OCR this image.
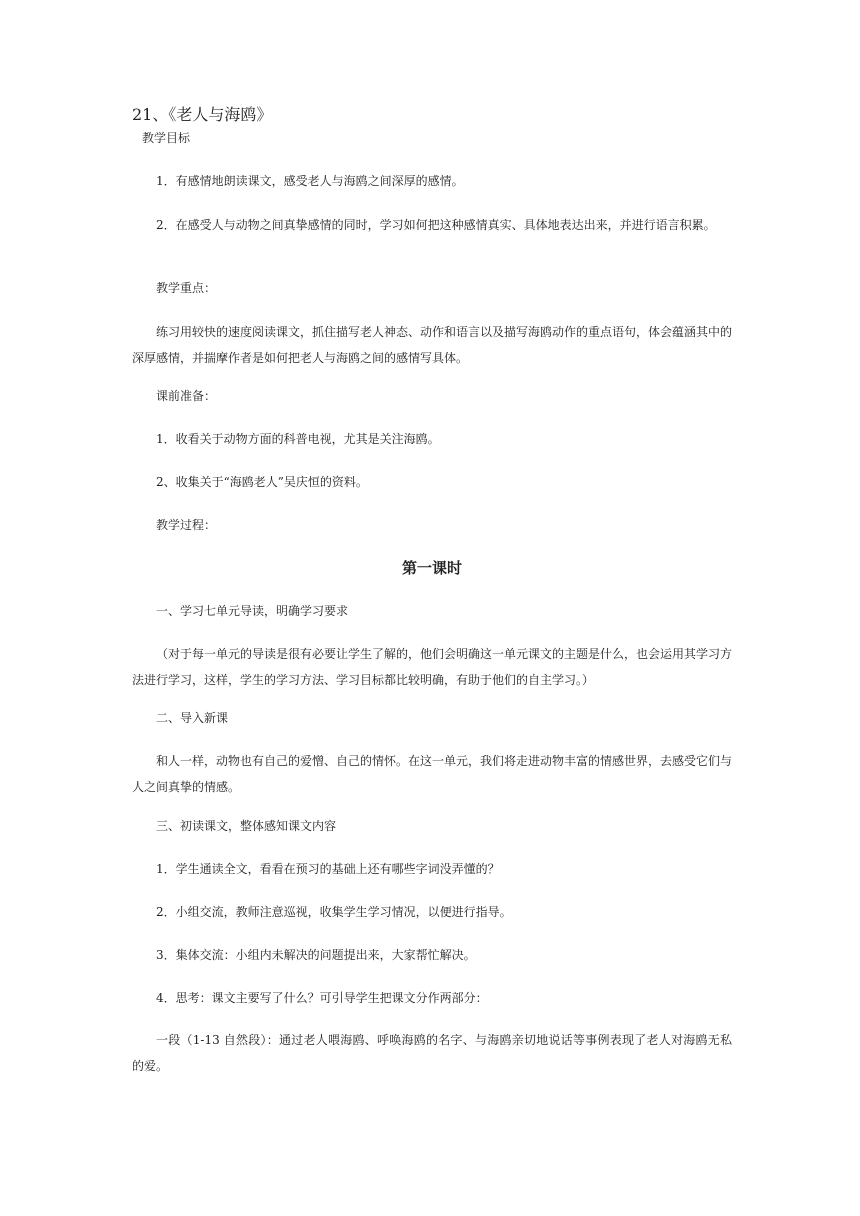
21、《老人与海鸥》
教学目标
1．有感情地朗读课文，感受老人与海鸥之间深厚的感情。
2．在感受人与动物之间真挚感情的同时，学习如何把这种感情真实、具体地表达出来，并进行语言积累。
教学重点：
练习用较快的速度阅读课文，抓住描写老人神态、动作和语言以及描写海鸥动作的重点语句，体会蕴涵其中的深厚感情，并揣摩作者是如何把老人与海鸥之间的感情写具体。
课前准备：
1．收看关于动物方面的科普电视，尤其是关注海鸥。
2、收集关于“海鸥老人”吴庆恒的资料。
教学过程：
第一课时
一、学习七单元导读，明确学习要求
（对于每一单元的导读是很有必要让学生了解的，他们会明确这一单元课文的主题是什么，也会运用其学习方法进行学习，这样，学生的学习方法、学习目标都比较明确，有助于他们的自主学习。）
二、导入新课
和人一样，动物也有自己的爱憎、自己的情怀。在这一单元，我们将走进动物丰富的情感世界，去感受它们与人之间真挚的情感。
三、初读课文，整体感知课文内容
1．学生通读全文，看看在预习的基础上还有哪些字词没弄懂的？
2．小组交流，教师注意巡视，收集学生学习情况，以便进行指导。
3．集体交流：小组内未解决的问题提出来，大家帮忙解决。
4．思考：课文主要写了什么？可引导学生把课文分作两部分：
一段（1-13 自然段）：通过老人喂海鸥、呼唤海鸥的名字、与海鸥亲切地说话等事例表现了老人对海鸥无私的爱。
